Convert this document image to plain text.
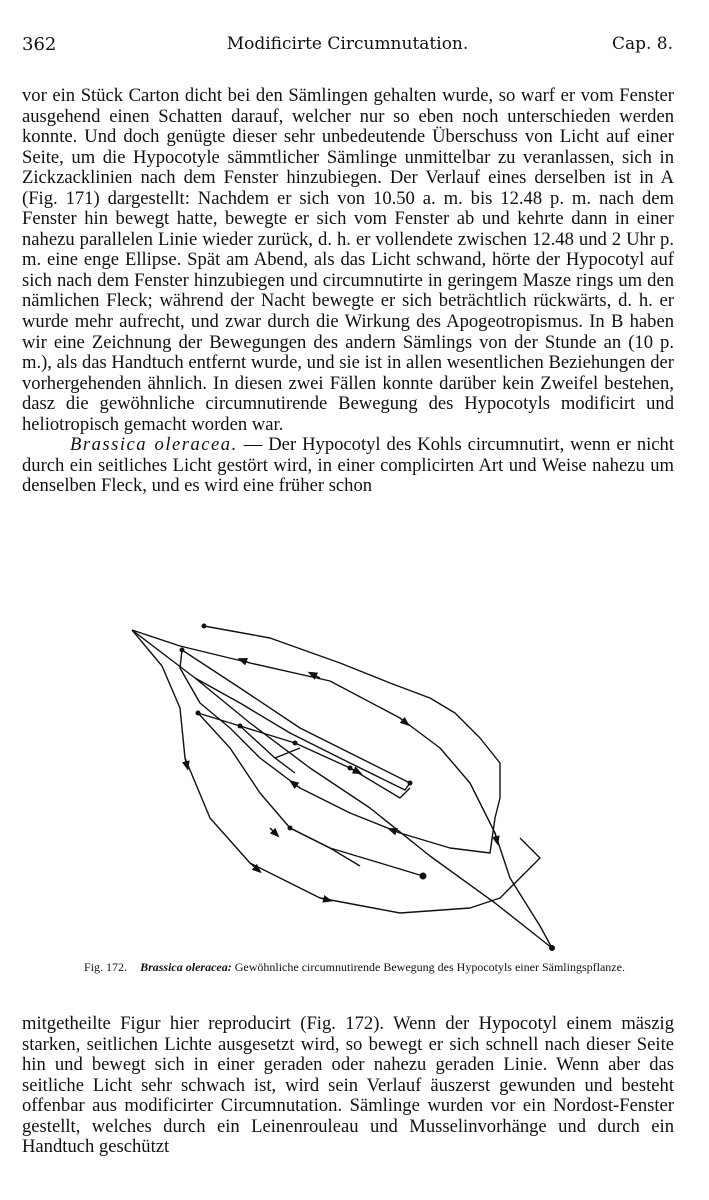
362	Modificirte Circumnutation.	Cap. 8.

vor ein Stück Carton dicht bei den Sämlingen gehalten wurde, so warf er vom Fenster ausgehend einen Schatten darauf, welcher nur so eben noch unterschieden werden konnte. Und doch genügte dieser sehr unbedeutende Überschuss von Licht auf einer Seite, um die Hypocotyle sämmtlicher Sämlinge unmittelbar zu veranlassen, sich in Zickzacklinien nach dem Fenster hinzubiegen. Der Verlauf eines derselben ist in A (Fig. 171) dargestellt: Nachdem er sich von 10.50 a. m. bis 12.48 p. m. nach dem Fenster hin bewegt hatte, bewegte er sich vom Fenster ab und kehrte dann in einer nahezu parallelen Linie wieder zurück, d. h. er vollendete zwischen 12.48 und 2 Uhr p. m. eine enge Ellipse. Spät am Abend, als das Licht schwand, hörte der Hypocotyl auf sich nach dem Fenster hinzubiegen und circumnutirte in geringem Masze rings um den nämlichen Fleck; während der Nacht bewegte er sich beträchtlich rückwärts, d. h. er wurde mehr aufrecht, und zwar durch die Wirkung des Apogeotropismus. In B haben wir eine Zeichnung der Bewegungen des andern Sämlings von der Stunde an (10 p. m.), als das Handtuch entfernt wurde, und sie ist in allen wesentlichen Beziehungen der vorhergehenden ähnlich. In diesen zwei Fällen konnte darüber kein Zweifel bestehen, dasz die gewöhnliche circumnutirende Bewegung des Hypocotyls modificirt und heliotropisch gemacht worden war.

Brassica oleracea. — Der Hypocotyl des Kohls circumnutirt, wenn er nicht durch ein seitliches Licht gestört wird, in einer complicirten Art und Weise nahezu um denselben Fleck, und es wird eine früher schon

Fig. 172. Brassica oleracea: Gewöhnliche circumnutirende Bewegung des Hypocotyls einer Sämlingspflanze.

mitgetheilte Figur hier reproducirt (Fig. 172). Wenn der Hypocotyl einem mäszig starken, seitlichen Lichte ausgesetzt wird, so bewegt er sich schnell nach dieser Seite hin und bewegt sich in einer geraden oder nahezu geraden Linie. Wenn aber das seitliche Licht sehr schwach ist, wird sein Verlauf äuszerst gewunden und besteht offenbar aus modificirter Circumnutation. Sämlinge wurden vor ein Nordost-Fenster gestellt, welches durch ein Leinenrouleau und Musselinvorhänge und durch ein Handtuch geschützt
